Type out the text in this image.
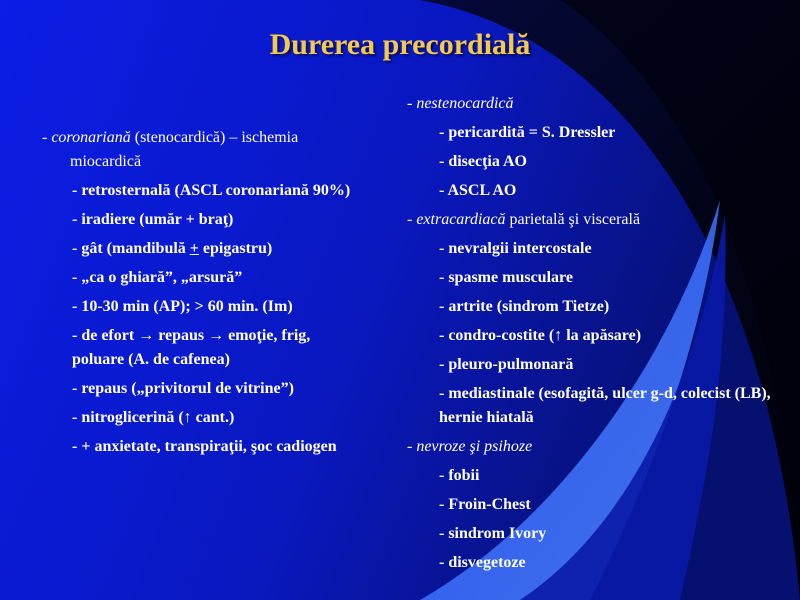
Durerea precordială
- coronariană (stenocardică) – ischemia miocardică
- retrosternală (ASCL coronariană 90%)
- iradiere (umăr + braţ)
- gât (mandibulă + epigastru)
- „ca o ghiară”, „arsură”
- 10-30 min (AP); > 60 min. (Im)
- de efort → repaus → emoţie, frig, poluare (A. de cafenea)
- repaus („privitorul de vitrine”)
- nitroglicerină (↑ cant.)
- + anxietate, transpiraţii, şoc cadiogen
- nestenocardică
- pericardită = S. Dressler
- disecţia AO
- ASCL AO
- extracardiacă parietală şi viscerală
- nevralgii intercostale
- spasme musculare
- artrite (sindrom Tietze)
- condro-costite (↑ la apăsare)
- pleuro-pulmonară
- mediastinale (esofagită, ulcer g-d, colecist (LB), hernie hiatală
- nevroze şi psihoze
- fobii
- Froin-Chest
- sindrom Ivory
- disvegetoze
